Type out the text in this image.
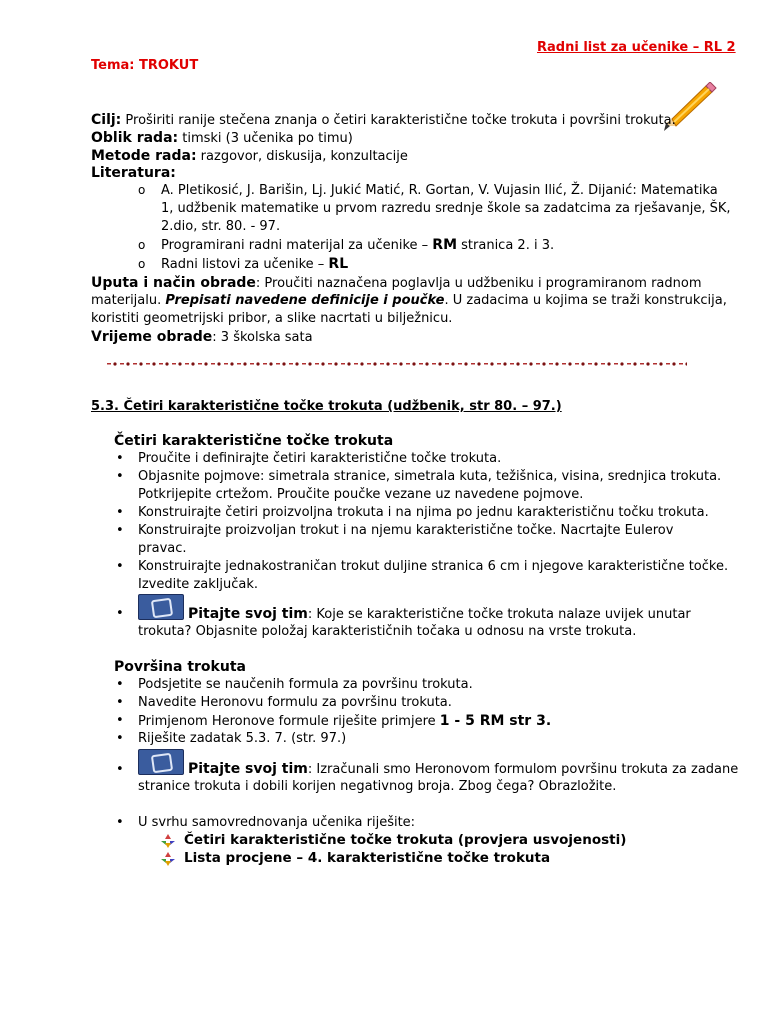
Radni list za učenike – RL 2
Tema: TROKUT
Cilj: Proširiti ranije stečena znanja o četiri karakteristične točke trokuta i površini trokuta.
Oblik rada: timski (3 učenika po timu)
Metode rada: razgovor, diskusija, konzultacije
Literatura:
o A. Pletikosić, J. Barišin, Lj. Jukić Matić, R. Gortan, V. Vujasin Ilić, Ž. Dijanić: Matematika
1, udžbenik matematike u prvom razredu srednje škole sa zadatcima za rješavanje, ŠK,
2.dio, str. 80. - 97.
o Programirani radni materijal za učenike – RM stranica 2. i 3.
o Radni listovi za učenike – RL
Uputa i način obrade: Proučiti naznačena poglavlja u udžbeniku i programiranom radnom
materijalu. Prepisati navedene definicije i poučke. U zadacima u kojima se traži konstrukcija,
koristiti geometrijski pribor, a slike nacrtati u bilježnicu.
Vrijeme obrade: 3 školska sata
5.3. Četiri karakteristične točke trokuta (udžbenik, str 80. – 97.)
Četiri karakteristične točke trokuta
• Proučite i definirajte četiri karakteristične točke trokuta.
• Objasnite pojmove: simetrala stranice, simetrala kuta, težišnica, visina, srednjica trokuta.
Potkrijepite crtežom. Proučite poučke vezane uz navedene pojmove.
• Konstruirajte četiri proizvoljna trokuta i na njima po jednu karakterističnu točku trokuta.
• Konstruirajte proizvoljan trokut i na njemu karakteristične točke. Nacrtajte Eulerov
pravac.
• Konstruirajte jednakostraničan trokut duljine stranica 6 cm i njegove karakteristične točke.
Izvedite zaključak.
•	Pitajte svoj tim: Koje se karakteristične točke trokuta nalaze uvijek unutar
trokuta? Objasnite položaj karakterističnih točaka u odnosu na vrste trokuta.
Površina trokuta
• Podsjetite se naučenih formula za površinu trokuta.
• Navedite Heronovu formulu za površinu trokuta.
• Primjenom Heronove formule riješite primjere 1 - 5 RM str 3.
• Riješite zadatak 5.3. 7. (str. 97.)
•	Pitajte svoj tim: Izračunali smo Heronovom formulom površinu trokuta za zadane
stranice trokuta i dobili korijen negativnog broja. Zbog čega? Obrazložite.
• U svrhu samovrednovanja učenika riješite:
Četiri karakteristične točke trokuta (provjera usvojenosti)
Lista procjene – 4. karakteristične točke trokuta
